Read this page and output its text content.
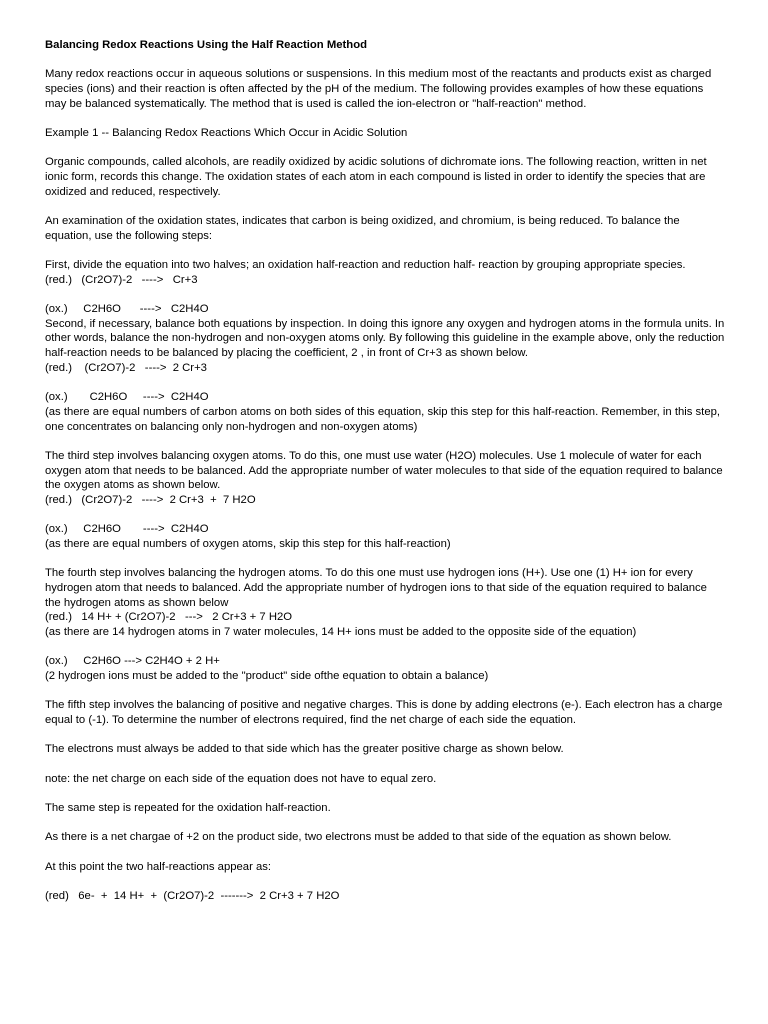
Balancing Redox Reactions Using the Half Reaction Method

Many redox reactions occur in aqueous solutions or suspensions. In this medium most of the reactants and products exist as charged species (ions) and their reaction is often affected by the pH of the medium. The following provides examples of how these equations may be balanced systematically. The method that is used is called the ion-electron or "half-reaction" method.

Example 1 -- Balancing Redox Reactions Which Occur in Acidic Solution

Organic compounds, called alcohols, are readily oxidized by acidic solutions of dichromate ions. The following reaction, written in net ionic form, records this change. The oxidation states of each atom in each compound is listed in order to identify the species that are oxidized and reduced, respectively.

An examination of the oxidation states, indicates that carbon is being oxidized, and chromium, is being reduced. To balance the equation, use the following steps:

First, divide the equation into two halves; an oxidation half-reaction and reduction half- reaction by grouping appropriate species.
(red.)   (Cr2O7)-2   ---->   Cr+3

(ox.)     C2H6O      ---->   C2H4O
Second, if necessary, balance both equations by inspection. In doing this ignore any oxygen and hydrogen atoms in the formula units. In other words, balance the non-hydrogen and non-oxygen atoms only. By following this guideline in the example above, only the reduction half-reaction needs to be balanced by placing the coefficient, 2 , in front of Cr+3 as shown below.
(red.)    (Cr2O7)-2   ---->  2 Cr+3

(ox.)       C2H6O     ---->  C2H4O
(as there are equal numbers of carbon atoms on both sides of this equation, skip this step for this half-reaction. Remember, in this step, one concentrates on balancing only non-hydrogen and non-oxygen atoms)

The third step involves balancing oxygen atoms. To do this, one must use water (H2O) molecules. Use 1 molecule of water for each oxygen atom that needs to be balanced. Add the appropriate number of water molecules to that side of the equation required to balance the oxygen atoms as shown below.
(red.)   (Cr2O7)-2   ---->  2 Cr+3  +  7 H2O

(ox.)     C2H6O       ---->  C2H4O
(as there are equal numbers of oxygen atoms, skip this step for this half-reaction)

The fourth step involves balancing the hydrogen atoms. To do this one must use hydrogen ions (H+). Use one (1) H+ ion for every hydrogen atom that needs to balanced. Add the appropriate number of hydrogen ions to that side of the equation required to balance the hydrogen atoms as shown below
(red.)   14 H+ + (Cr2O7)-2   --->   2 Cr+3 + 7 H2O
(as there are 14 hydrogen atoms in 7 water molecules, 14 H+ ions must be added to the opposite side of the equation)

(ox.)     C2H6O ---> C2H4O + 2 H+
(2 hydrogen ions must be added to the "product" side ofthe equation to obtain a balance)

The fifth step involves the balancing of positive and negative charges. This is done by adding electrons (e-). Each electron has a charge equal to (-1). To determine the number of electrons required, find the net charge of each side the equation.

The electrons must always be added to that side which has the greater positive charge as shown below.

note: the net charge on each side of the equation does not have to equal zero.

The same step is repeated for the oxidation half-reaction.

As there is a net chargae of +2 on the product side, two electrons must be added to that side of the equation as shown below.

At this point the two half-reactions appear as:

(red)   6e-  +  14 H+  +  (Cr2O7)-2  ------->  2 Cr+3 + 7 H2O
